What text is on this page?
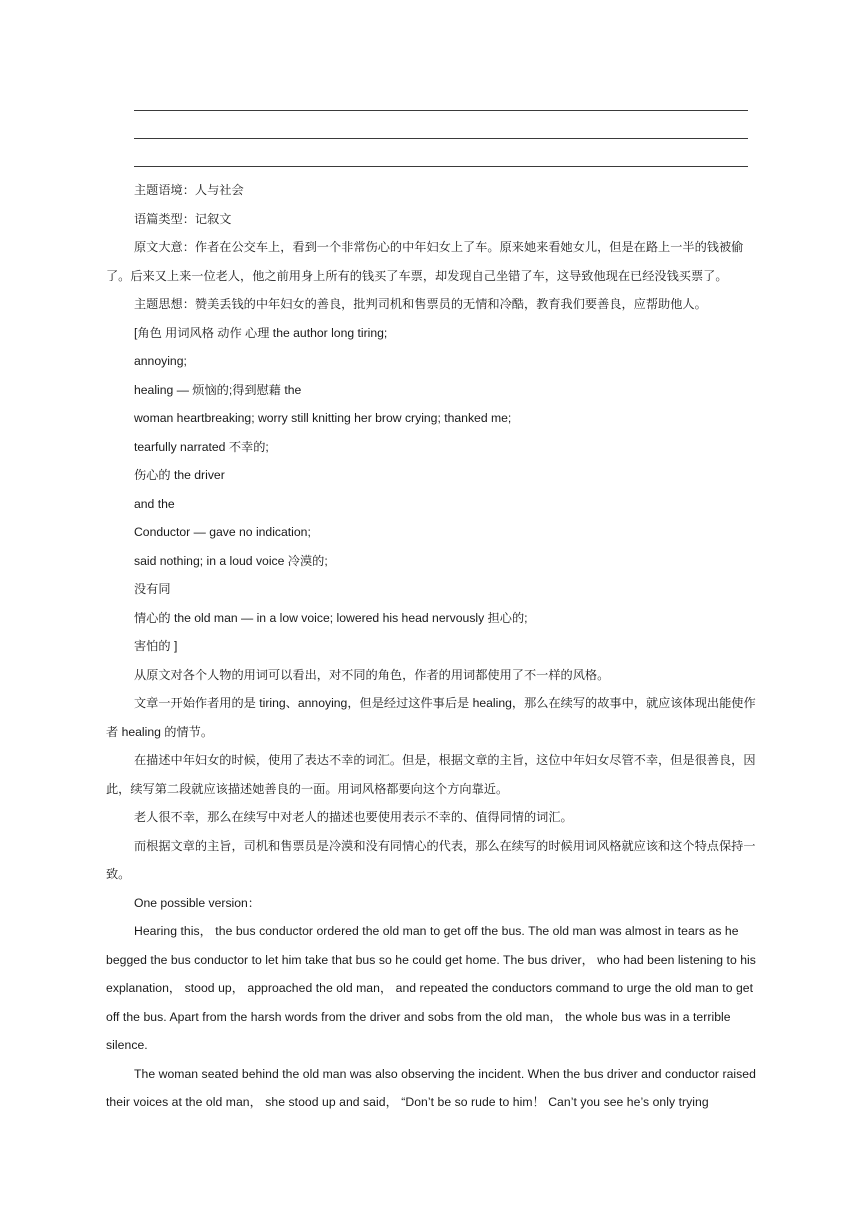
主题语境：人与社会

语篇类型：记叙文

原文大意：作者在公交车上，看到一个非常伤心的中年妇女上了车。原来她来看她女儿，但是在路上一半的钱被偷了。后来又上来一位老人，他之前用身上所有的钱买了车票，却发现自己坐错了车，这导致他现在已经没钱买票了。

主题思想：赞美丢钱的中年妇女的善良，批判司机和售票员的无情和冷酷，教育我们要善良，应帮助他人。

[角色 用词风格 动作 心理 the author long tiring;

annoying;

healing — 烦恼的;得到慰藉 the

woman heartbreaking; worry still knitting her brow crying; thanked me;

tearfully narrated 不幸的;

伤心的 the driver

and the

Conductor — gave no indication;

said nothing; in a loud voice 冷漠的;

没有同

情心的 the old man — in a low voice; lowered his head nervously 担心的;

害怕的 ]

从原文对各个人物的用词可以看出，对不同的角色，作者的用词都使用了不一样的风格。

文章一开始作者用的是 tiring、annoying，但是经过这件事后是 healing，那么在续写的故事中，就应该体现出能使作者 healing 的情节。

在描述中年妇女的时候，使用了表达不幸的词汇。但是，根据文章的主旨，这位中年妇女尽管不幸，但是很善良，因此，续写第二段就应该描述她善良的一面。用词风格都要向这个方向靠近。

老人很不幸，那么在续写中对老人的描述也要使用表示不幸的、值得同情的词汇。

而根据文章的主旨，司机和售票员是冷漠和没有同情心的代表，那么在续写的时候用词风格就应该和这个特点保持一致。

One possible version：

Hearing this， the bus conductor ordered the old man to get off the bus. The old man was almost in tears as he begged the bus conductor to let him take that bus so he could get home. The bus driver， who had been listening to his explanation， stood up， approached the old man， and repeated the conductors command to urge the old man to get off the bus. Apart from the harsh words from the driver and sobs from the old man， the whole bus was in a terrible silence.

The woman seated behind the old man was also observing the incident. When the bus driver and conductor raised their voices at the old man， she stood up and said， “Don’t be so rude to him！ Can’t you see he’s only trying
